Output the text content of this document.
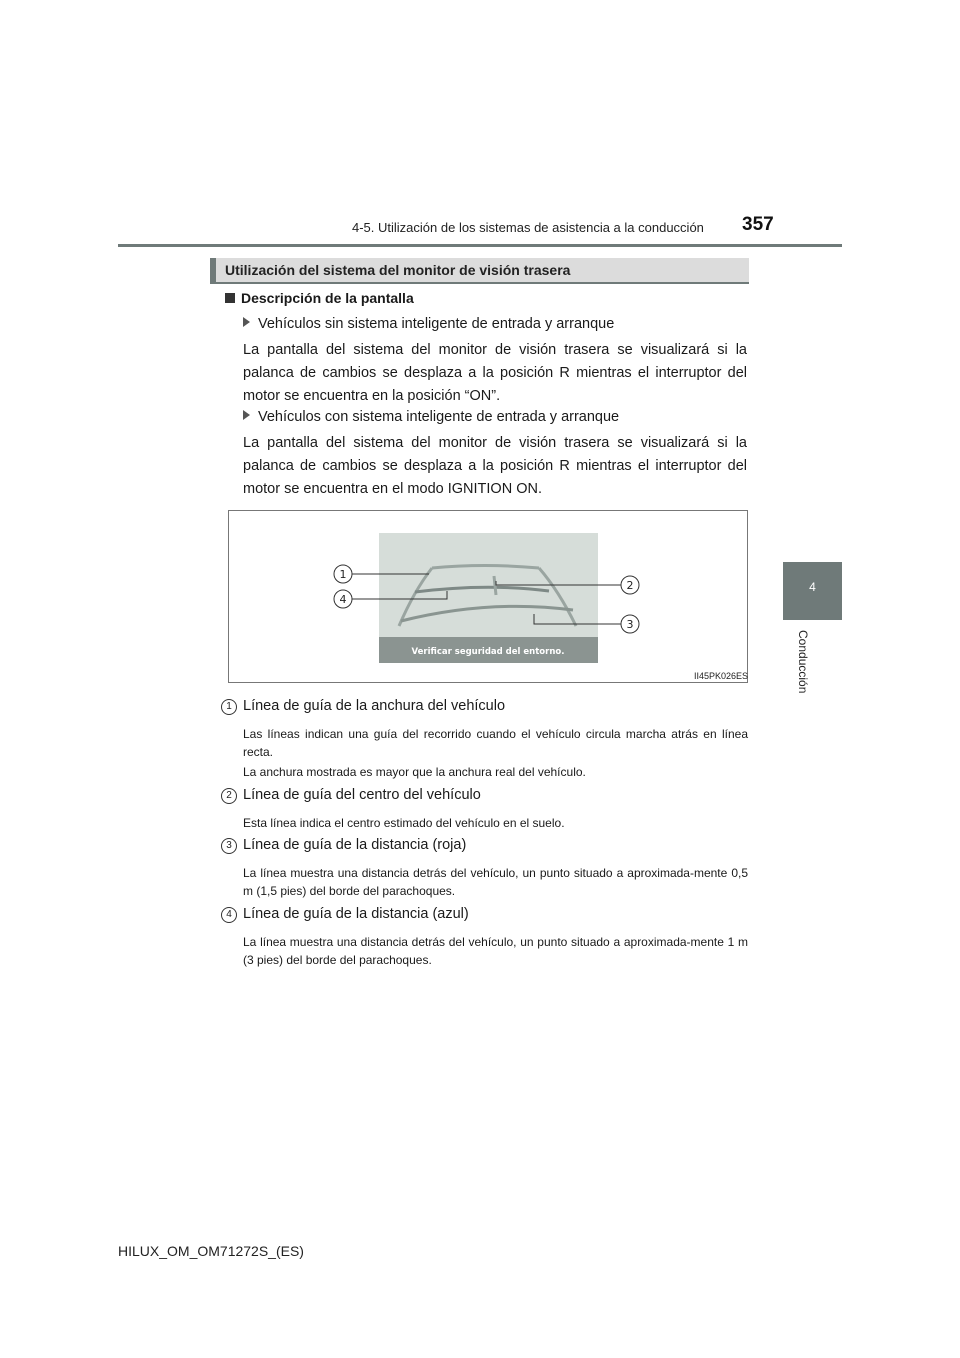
4-5. Utilización de los sistemas de asistencia a la conducción 357
4
Conducción
Utilización del sistema del monitor de visión trasera
Descripción de la pantalla
Vehículos sin sistema inteligente de entrada y arranque
La pantalla del sistema del monitor de visión trasera se visualizará si la palanca de cambios se desplaza a la posición R mientras el interruptor del motor se encuentra en la posición “ON”.
Vehículos con sistema inteligente de entrada y arranque
La pantalla del sistema del monitor de visión trasera se visualizará si la palanca de cambios se desplaza a la posición R mientras el interruptor del motor se encuentra en el modo IGNITION ON.
Verificar seguridad del entorno.
1
2
3
4
II45PK026ES
1 Línea de guía de la anchura del vehículo
Las líneas indican una guía del recorrido cuando el vehículo circula marcha atrás en línea recta.
La anchura mostrada es mayor que la anchura real del vehículo.
2 Línea de guía del centro del vehículo
Esta línea indica el centro estimado del vehículo en el suelo.
3 Línea de guía de la distancia (roja)
La línea muestra una distancia detrás del vehículo, un punto situado a aproximada-mente 0,5 m (1,5 pies) del borde del parachoques.
4 Línea de guía de la distancia (azul)
La línea muestra una distancia detrás del vehículo, un punto situado a aproximada-mente 1 m (3 pies) del borde del parachoques.
HILUX_OM_OM71272S_(ES)
